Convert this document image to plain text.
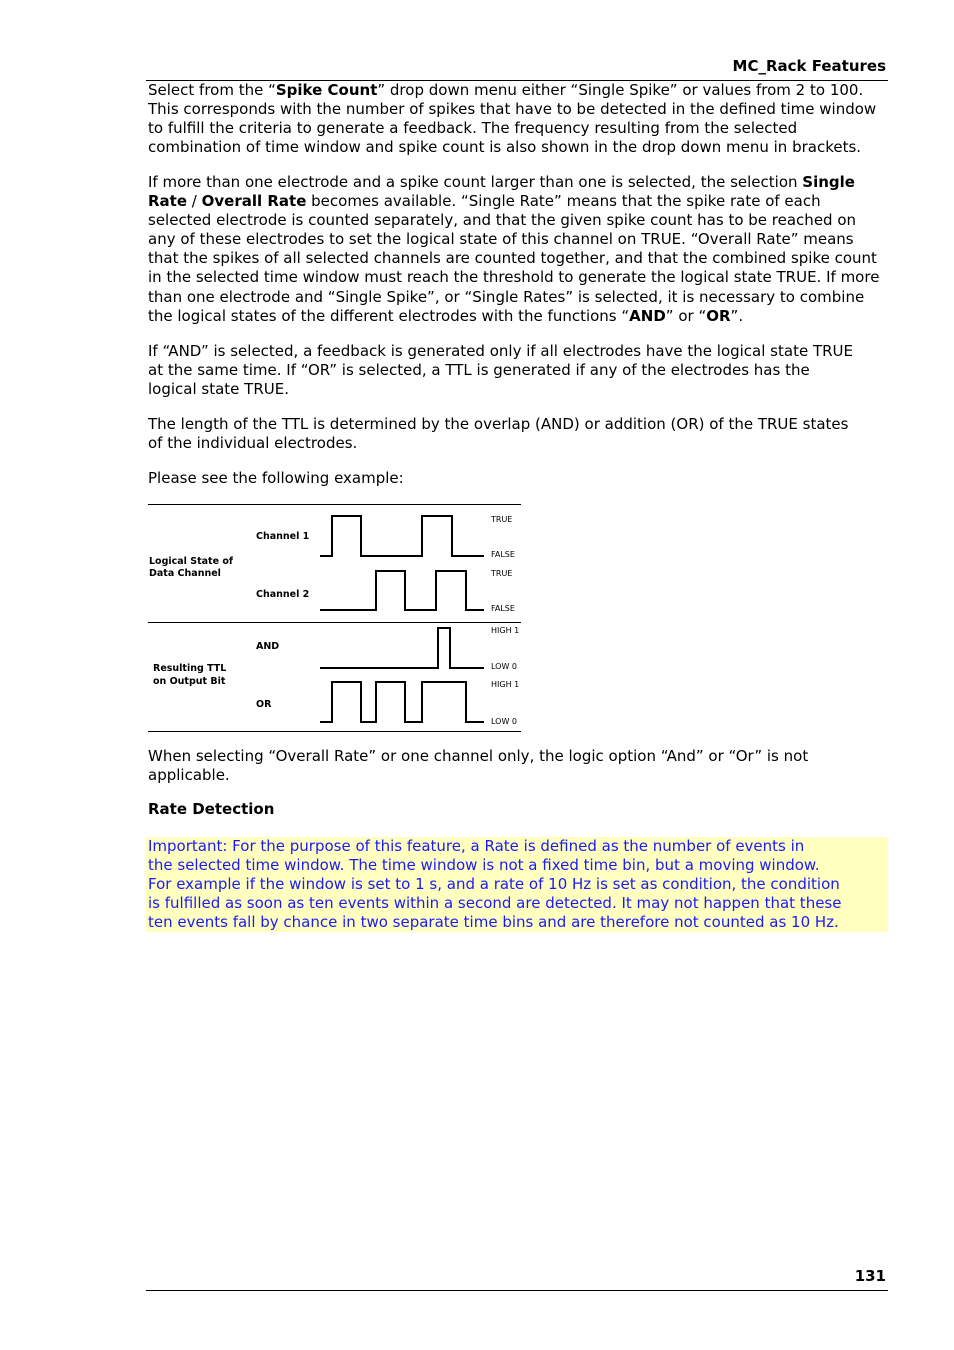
MC_Rack Features

Select from the “Spike Count” drop down menu either “Single Spike” or values from 2 to 100. This corresponds with the number of spikes that have to be detected in the defined time window to fulfill the criteria to generate a feedback. The frequency resulting from the selected combination of time window and spike count is also shown in the drop down menu in brackets.

If more than one electrode and a spike count larger than one is selected, the selection Single Rate / Overall Rate becomes available. “Single Rate” means that the spike rate of each selected electrode is counted separately, and that the given spike count has to be reached on any of these electrodes to set the logical state of this channel on TRUE. “Overall Rate” means that the spikes of all selected channels are counted together, and that the combined spike count in the selected time window must reach the threshold to generate the logical state TRUE. If more than one electrode and “Single Spike”, or “Single Rates” is selected, it is necessary to combine the logical states of the different electrodes with the functions “AND” or “OR”.

If “AND” is selected, a feedback is generated only if all electrodes have the logical state TRUE at the same time. If “OR” is selected, a TTL is generated if any of the electrodes has the logical state TRUE.

The length of the TTL is determined by the overlap (AND) or addition (OR) of the TRUE states of the individual electrodes.

Please see the following example:

Logical State of
Data Channel
Resulting TTL
on Output Bit
Channel 1
Channel 2
AND
OR
TRUE
FALSE
TRUE
FALSE
HIGH 1
LOW 0
HIGH 1
LOW 0

When selecting “Overall Rate” or one channel only, the logic option “And” or “Or” is not applicable.

Rate Detection

Important: For the purpose of this feature, a Rate is defined as the number of events in

the selected time window. The time window is not a fixed time bin, but a moving window.

For example if the window is set to 1 s, and a rate of 10 Hz is set as condition, the condition

is fulfilled as soon as ten events within a second are detected. It may not happen that these

ten events fall by chance in two separate time bins and are therefore not counted as 10 Hz.

131
